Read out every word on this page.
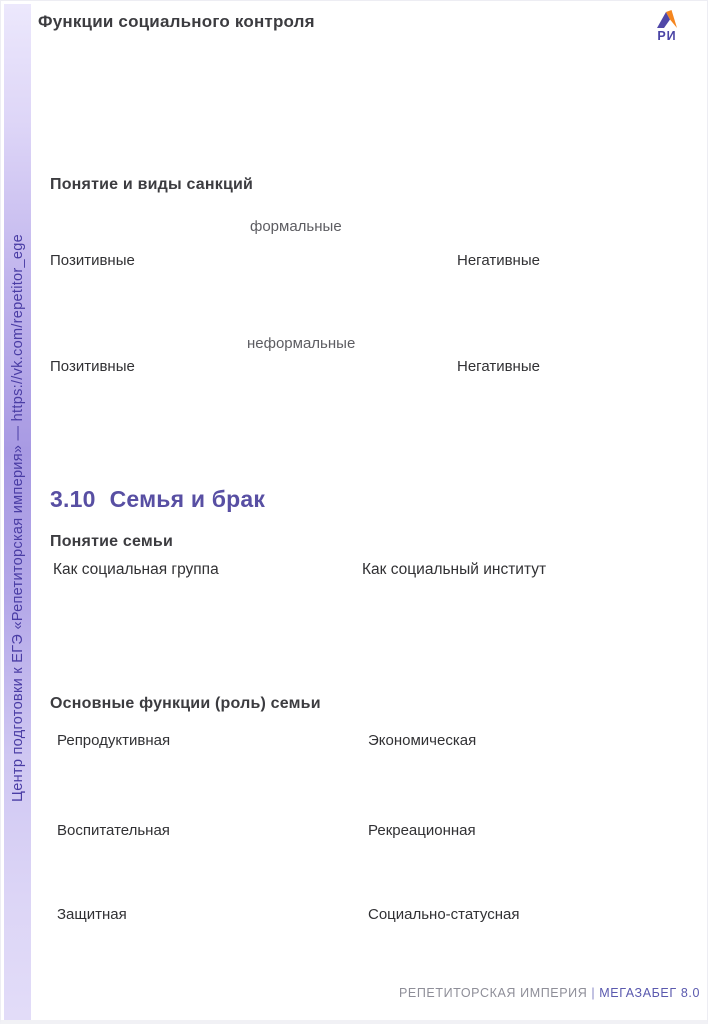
Центр подготовки к ЕГЭ «Репетиторская империя» — https://vk.com/repetitor_ege
Функции социального контроля
РИ
Понятие и виды санкций
формальные
Позитивные	Негативные
неформальные
Позитивные	Негативные
3.10 Семья и брак
Понятие семьи
Как социальная группа	Как социальный институт
Основные функции (роль) семьи
Репродуктивная	Экономическая
Воспитательная	Рекреационная
Защитная	Социально-статусная
РЕПЕТИТОРСКАЯ ИМПЕРИЯ | МЕГАЗАБЕГ 8.0
